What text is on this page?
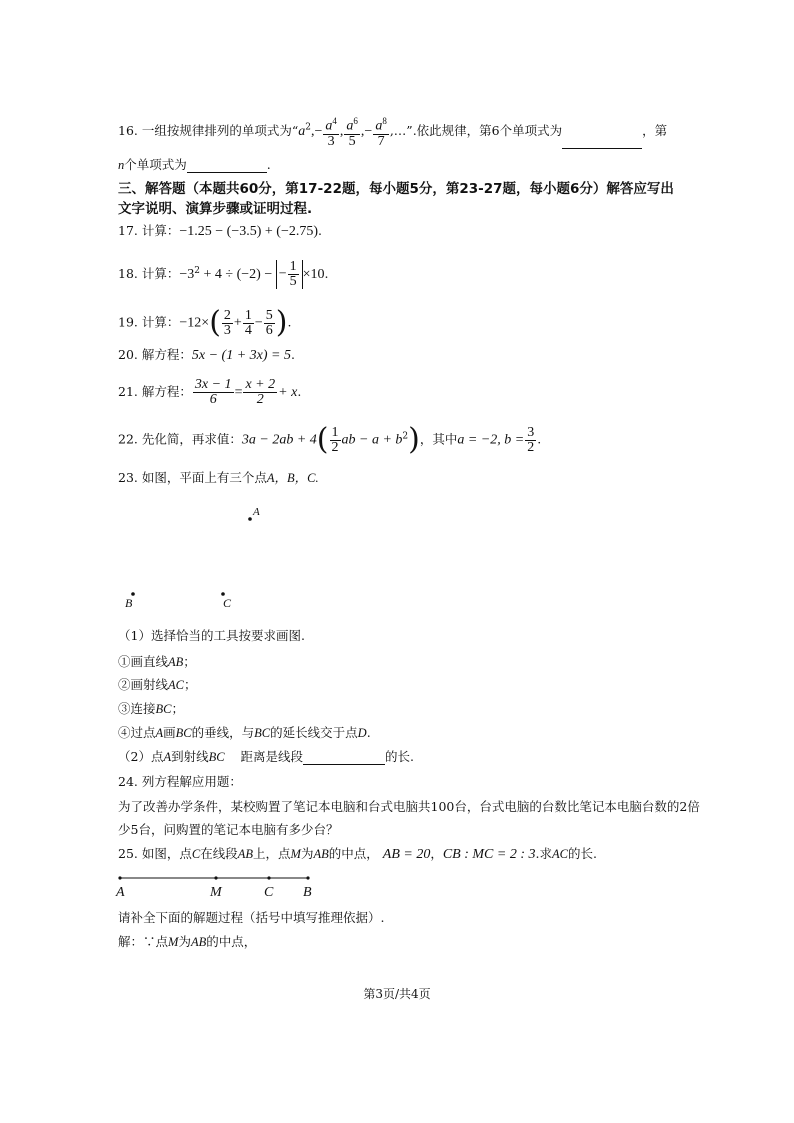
16. 一组按规律排列的单项式为“$a^2,- \frac{a^4}{3}$ , $\frac{a^6}{5}$ ,− $\frac{a^8}{7}$ ,…”.依此规律，第6个单项式为	，第
n个单项式为	.
三、解答题（本题共60分，第17-22题，每小题5分，第23-27题，每小题6分）解答应写出
文字说明、演算步骤或证明过程.
17. 计算：−1.25 − (−3.5) + (−2.75).
18. 计算：$-3^2 + 4 \div (-2)$ − − $\frac{1}{5} \times 10$.
19. 计算：$-12\times( \frac{2}{3} + \frac{1}{4} - \frac{5}{6}$ ).
20. 解方程：5x − (1 + 3x) = 5.
21. 解方程： $\frac{3x - 1}{6} = \frac{x + 2}{2} + x$.
22. 先化简，再求值：$3a - 2ab + 4( \frac{1}{2}$ ab − $a + b^2$)，其中a = −2, $b = \frac{3}{2}$ .
23. 如图，平面上有三个点A，B，C.
A
B	C
（1）选择恰当的工具按要求画图.
①画直线AB；
②画射线AC；
③连接BC；
④过点A画BC的垂线，与BC的延长线交于点D.
（2）点A到射线BC 距离是线段	的长.
24. 列方程解应用题：
为了改善办学条件，某校购置了笔记本电脑和台式电脑共100台，台式电脑的台数比笔记本电脑台数的2倍
少5台，问购置的笔记本电脑有多少台？
25. 如图，点C在线段AB上，点M为AB的中点， AB = 20，CB : MC = 2 : 3.求AC的长.
A	M	C B
请补全下面的解题过程（括号中填写推理依据）.
解：∵点M为AB的中点，
第3页/共4页
